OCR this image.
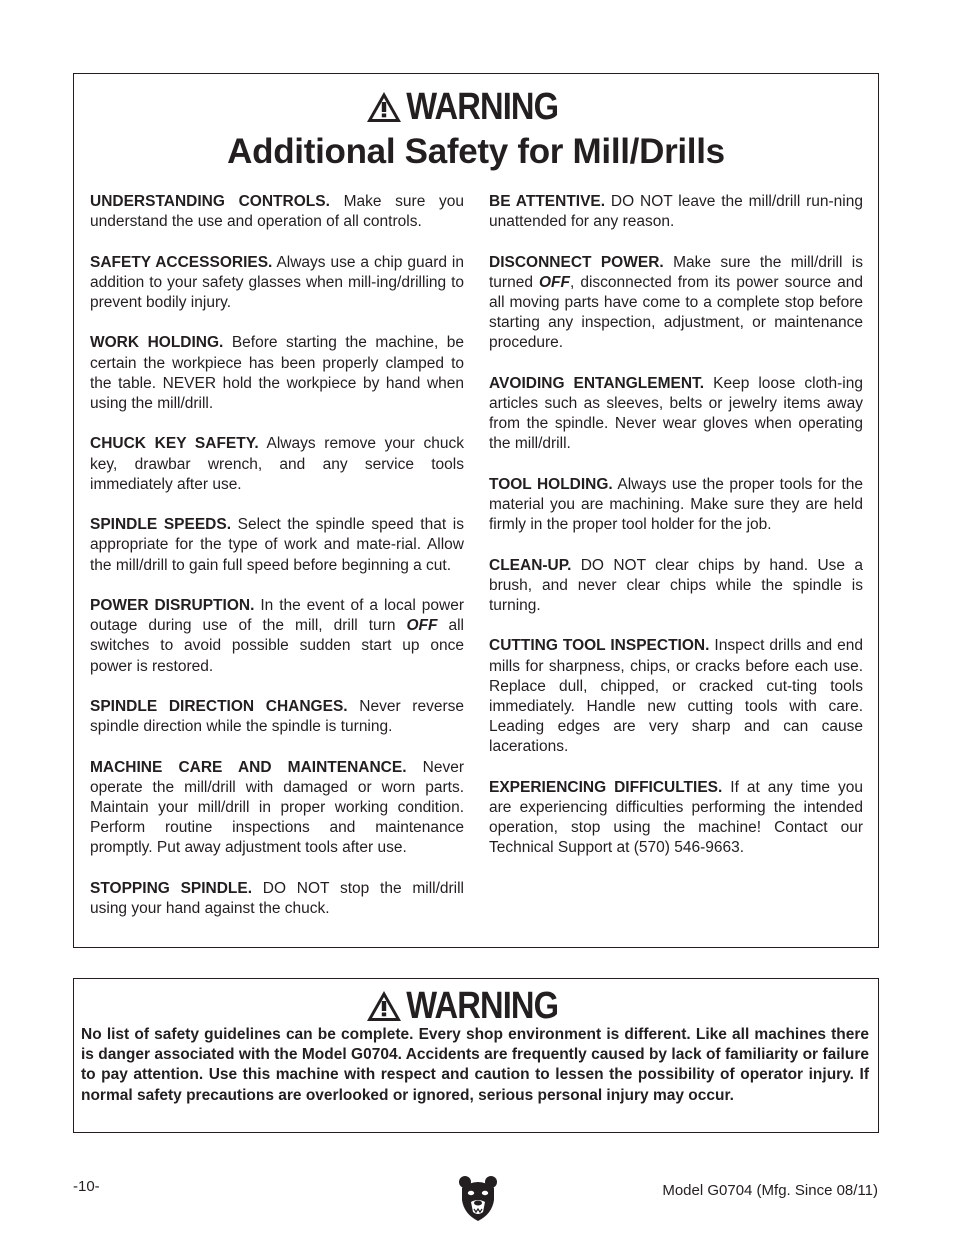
WARNING
Additional Safety for Mill/Drills

UNDERSTANDING CONTROLS. Make sure you understand the use and operation of all controls.

SAFETY ACCESSORIES. Always use a chip guard in addition to your safety glasses when mill-ing/drilling to prevent bodily injury.

WORK HOLDING. Before starting the machine, be certain the workpiece has been properly clamped to the table. NEVER hold the workpiece by hand when using the mill/drill.

CHUCK KEY SAFETY. Always remove your chuck key, drawbar wrench, and any service tools immediately after use.

SPINDLE SPEEDS. Select the spindle speed that is appropriate for the type of work and mate-rial. Allow the mill/drill to gain full speed before beginning a cut.

POWER DISRUPTION. In the event of a local power outage during use of the mill, drill turn OFF all switches to avoid possible sudden start up once power is restored.

SPINDLE DIRECTION CHANGES. Never reverse spindle direction while the spindle is turning.

MACHINE CARE AND MAINTENANCE. Never operate the mill/drill with damaged or worn parts. Maintain your mill/drill in proper working condition. Perform routine inspections and maintenance promptly. Put away adjustment tools after use.

STOPPING SPINDLE. DO NOT stop the mill/drill using your hand against the chuck.

BE ATTENTIVE. DO NOT leave the mill/drill run-ning unattended for any reason.

DISCONNECT POWER. Make sure the mill/drill is turned OFF, disconnected from its power source and all moving parts have come to a complete stop before starting any inspection, adjustment, or maintenance procedure.

AVOIDING ENTANGLEMENT. Keep loose cloth-ing articles such as sleeves, belts or jewelry items away from the spindle. Never wear gloves when operating the mill/drill.

TOOL HOLDING. Always use the proper tools for the material you are machining. Make sure they are held firmly in the proper tool holder for the job.

CLEAN-UP. DO NOT clear chips by hand. Use a brush, and never clear chips while the spindle is turning.

CUTTING TOOL INSPECTION. Inspect drills and end mills for sharpness, chips, or cracks before each use. Replace dull, chipped, or cracked cut-ting tools immediately. Handle new cutting tools with care. Leading edges are very sharp and can cause lacerations.

EXPERIENCING DIFFICULTIES. If at any time you are experiencing difficulties performing the intended operation, stop using the machine! Contact our Technical Support at (570) 546-9663.

WARNING

No list of safety guidelines can be complete. Every shop environment is different. Like all machines there is danger associated with the Model G0704. Accidents are frequently caused by lack of familiarity or failure to pay attention. Use this machine with respect and caution to lessen the possibility of operator injury. If normal safety precautions are overlooked or ignored, serious personal injury may occur.

-10-	Model G0704 (Mfg. Since 08/11)
